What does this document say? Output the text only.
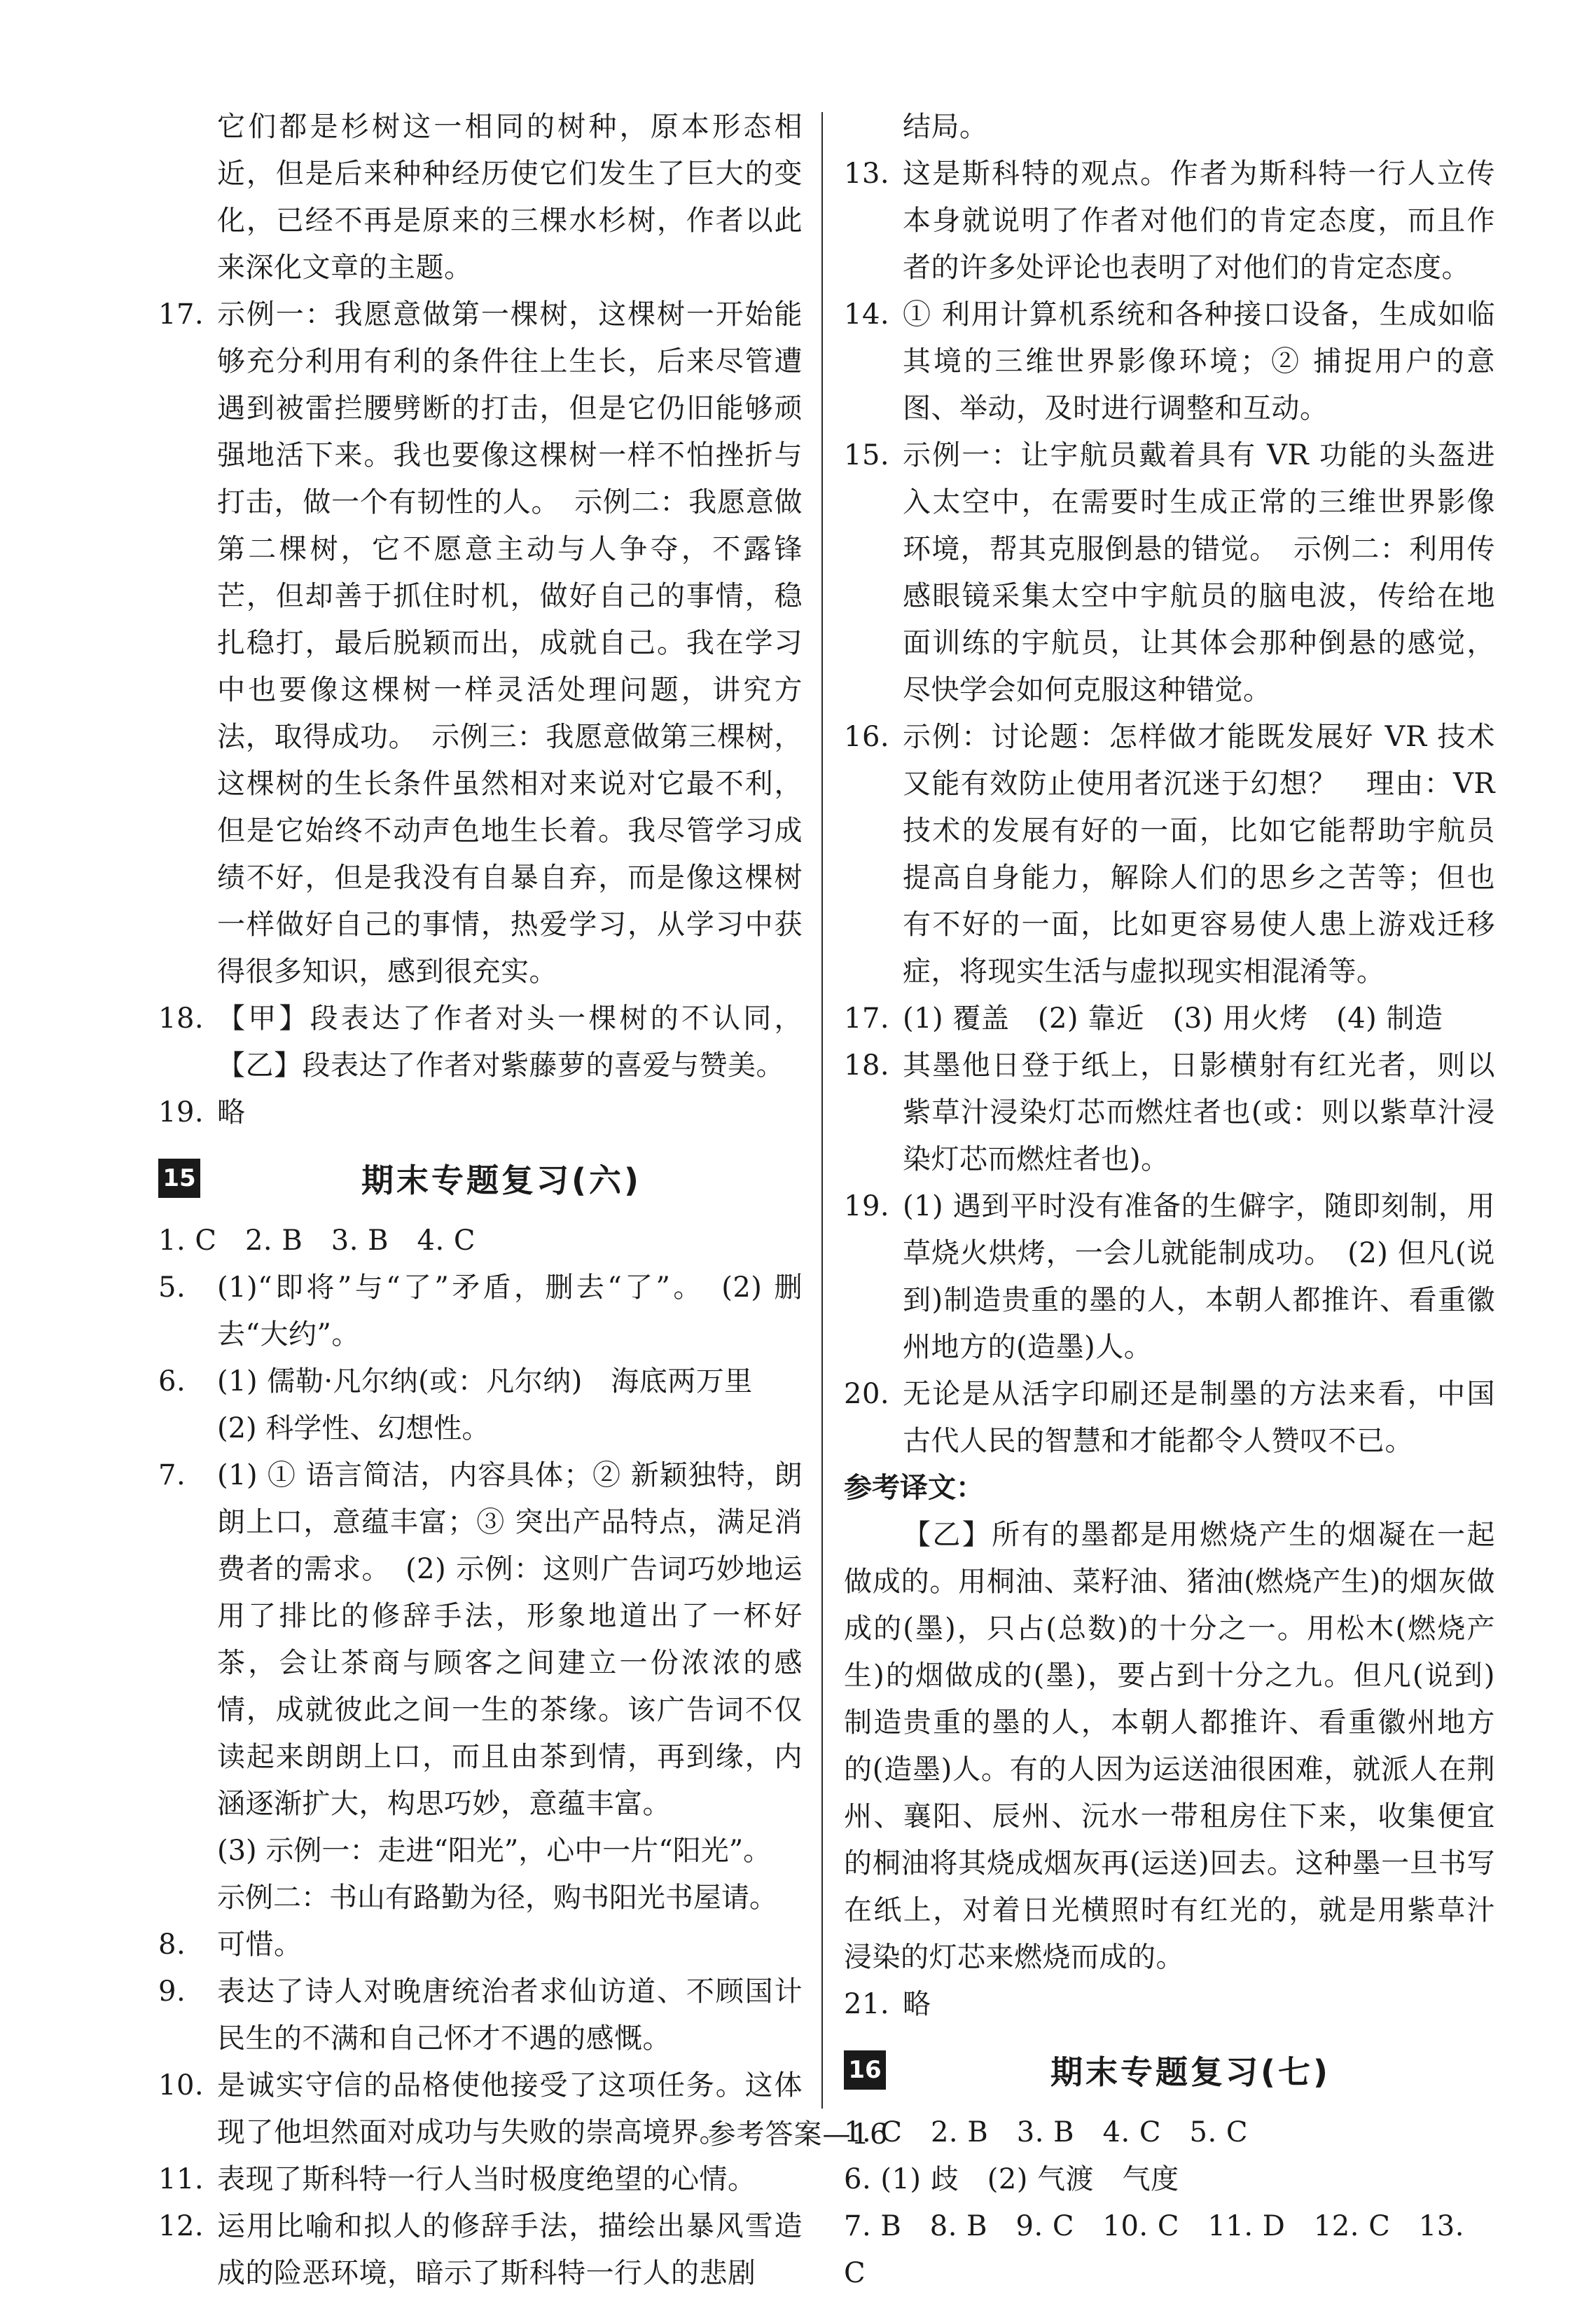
它们都是杉树这一相同的树种，原本形态相近，但是后来种种经历使它们发生了巨大的变化，已经不再是原来的三棵水杉树，作者以此来深化文章的主题。
17. 示例一：我愿意做第一棵树，这棵树一开始能够充分利用有利的条件往上生长，后来尽管遭遇到被雷拦腰劈断的打击，但是它仍旧能够顽强地活下来。我也要像这棵树一样不怕挫折与打击，做一个有韧性的人。　示例二：我愿意做第二棵树，它不愿意主动与人争夺，不露锋芒，但却善于抓住时机，做好自己的事情，稳扎稳打，最后脱颖而出，成就自己。我在学习中也要像这棵树一样灵活处理问题，讲究方法，取得成功。　示例三：我愿意做第三棵树，这棵树的生长条件虽然相对来说对它最不利，但是它始终不动声色地生长着。我尽管学习成绩不好，但是我没有自暴自弃，而是像这棵树一样做好自己的事情，热爱学习，从学习中获得很多知识，感到很充实。
18. 【甲】段表达了作者对头一棵树的不认同，【乙】段表达了作者对紫藤萝的喜爱与赞美。
19. 略
15	期末专题复习(六)
1. C　2. B　3. B　4. C
5. (1)“即将”与“了”矛盾，删去“了”。　(2) 删去“大约”。
6. (1) 儒勒·凡尔纳(或：凡尔纳)　海底两万里
(2) 科学性、幻想性。
7. (1) ① 语言简洁，内容具体；② 新颖独特，朗朗上口，意蕴丰富；③ 突出产品特点，满足消费者的需求。　(2) 示例：这则广告词巧妙地运用了排比的修辞手法，形象地道出了一杯好茶，会让茶商与顾客之间建立一份浓浓的感情，成就彼此之间一生的茶缘。该广告词不仅读起来朗朗上口，而且由茶到情，再到缘，内涵逐渐扩大，构思巧妙，意蕴丰富。
(3) 示例一：走进“阳光”，心中一片“阳光”。　示例二：书山有路勤为径，购书阳光书屋请。
8. 可惜。
9. 表达了诗人对晚唐统治者求仙访道、不顾国计民生的不满和自己怀才不遇的感慨。
10. 是诚实守信的品格使他接受了这项任务。这体现了他坦然面对成功与失败的崇高境界。
11. 表现了斯科特一行人当时极度绝望的心情。
12. 运用比喻和拟人的修辞手法，描绘出暴风雪造成的险恶环境，暗示了斯科特一行人的悲剧
结局。
13. 这是斯科特的观点。作者为斯科特一行人立传本身就说明了作者对他们的肯定态度，而且作者的许多处评论也表明了对他们的肯定态度。
14. ① 利用计算机系统和各种接口设备，生成如临其境的三维世界影像环境；② 捕捉用户的意图、举动，及时进行调整和互动。
15. 示例一：让宇航员戴着具有 VR 功能的头盔进入太空中，在需要时生成正常的三维世界影像环境，帮其克服倒悬的错觉。　示例二：利用传感眼镜采集太空中宇航员的脑电波，传给在地面训练的宇航员，让其体会那种倒悬的感觉，尽快学会如何克服这种错觉。
16. 示例：讨论题：怎样做才能既发展好 VR 技术又能有效防止使用者沉迷于幻想？　理由：VR 技术的发展有好的一面，比如它能帮助宇航员提高自身能力，解除人们的思乡之苦等；但也有不好的一面，比如更容易使人患上游戏迁移症，将现实生活与虚拟现实相混淆等。
17. (1) 覆盖　(2) 靠近　(3) 用火烤　(4) 制造
18. 其墨他日登于纸上，日影横射有红光者，则以紫草汁浸染灯芯而燃炷者也(或：则以紫草汁浸染灯芯而燃炷者也)。
19. (1) 遇到平时没有准备的生僻字，随即刻制，用草烧火烘烤，一会儿就能制成功。　(2) 但凡(说到)制造贵重的墨的人，本朝人都推许、看重徽州地方的(造墨)人。
20. 无论是从活字印刷还是制墨的方法来看，中国古代人民的智慧和才能都令人赞叹不已。
参考译文：
【乙】所有的墨都是用燃烧产生的烟凝在一起做成的。用桐油、菜籽油、猪油(燃烧产生)的烟灰做成的(墨)，只占(总数)的十分之一。用松木(燃烧产生)的烟做成的(墨)，要占到十分之九。但凡(说到)制造贵重的墨的人，本朝人都推许、看重徽州地方的(造墨)人。有的人因为运送油很困难，就派人在荆州、襄阳、辰州、沅水一带租房住下来，收集便宜的桐油将其烧成烟灰再(运送)回去。这种墨一旦书写在纸上，对着日光横照时有红光的，就是用紫草汁浸染的灯芯来燃烧而成的。
21. 略
16	期末专题复习(七)
1. C　2. B　3. B　4. C　5. C
6. (1) 歧　(2) 气渡　气度
7. B　8. B　9. C　10. C　11. D　12. C　13. C
参考答案—16
